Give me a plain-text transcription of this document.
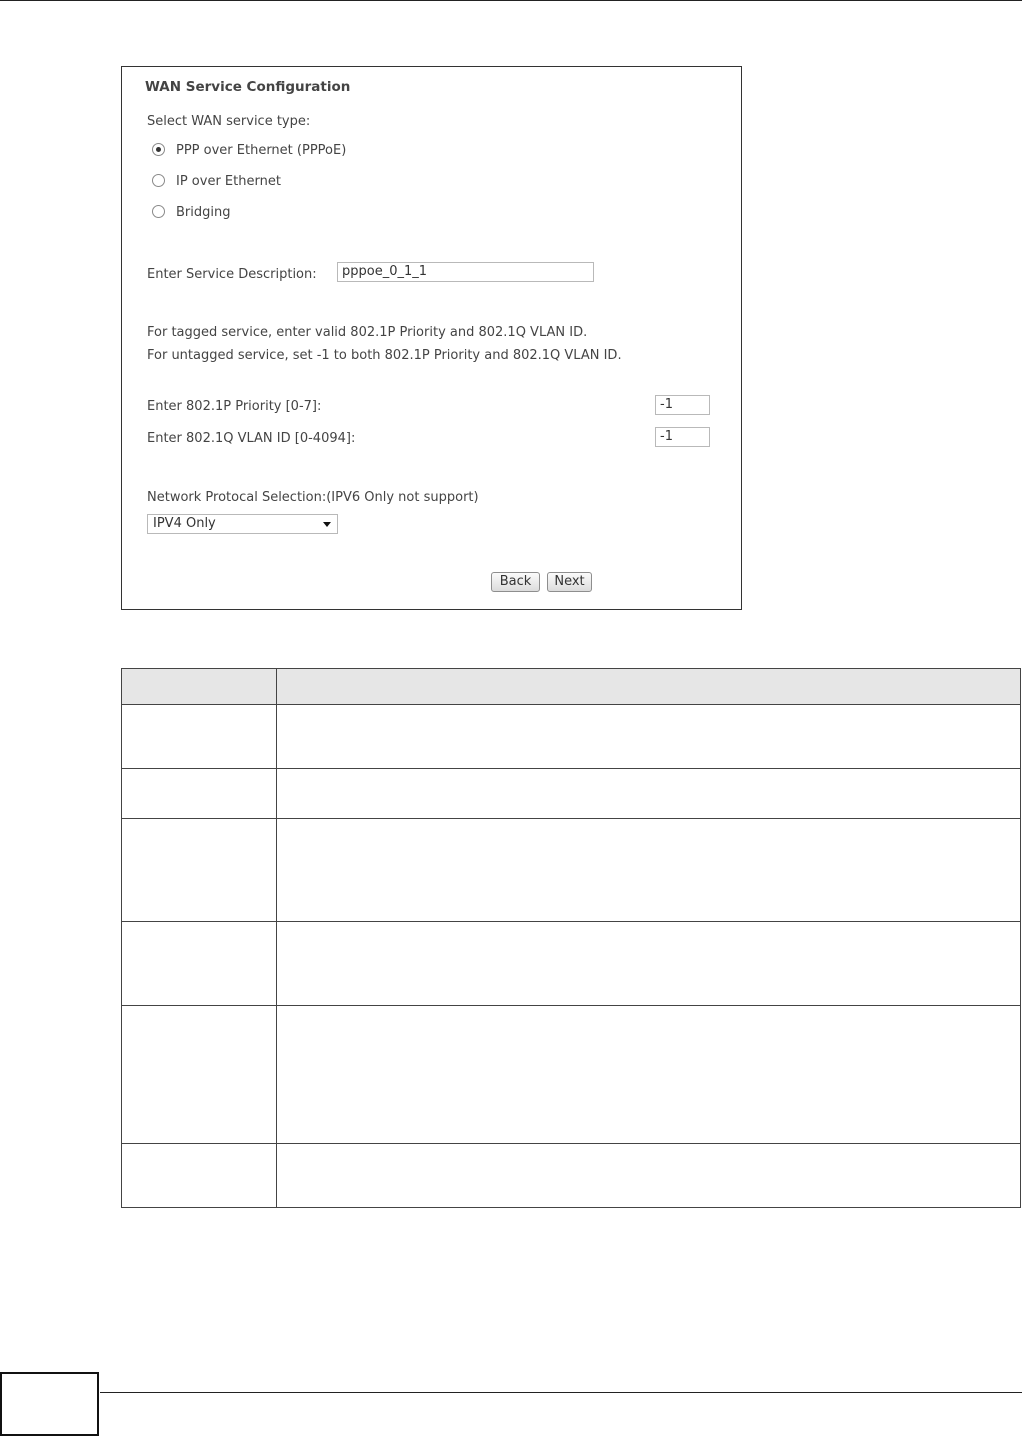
WAN Service Configuration
Select WAN service type:
PPP over Ethernet (PPPoE)
IP over Ethernet
Bridging
Enter Service Description:	pppoe_0_1_1
For tagged service, enter valid 802.1P Priority and 802.1Q VLAN ID.
For untagged service, set -1 to both 802.1P Priority and 802.1Q VLAN ID.
Enter 802.1P Priority [0-7]:	-1
Enter 802.1Q VLAN ID [0-4094]:	-1
Network Protocal Selection:(IPV6 Only not support)
IPV4 Only
Back	Next
